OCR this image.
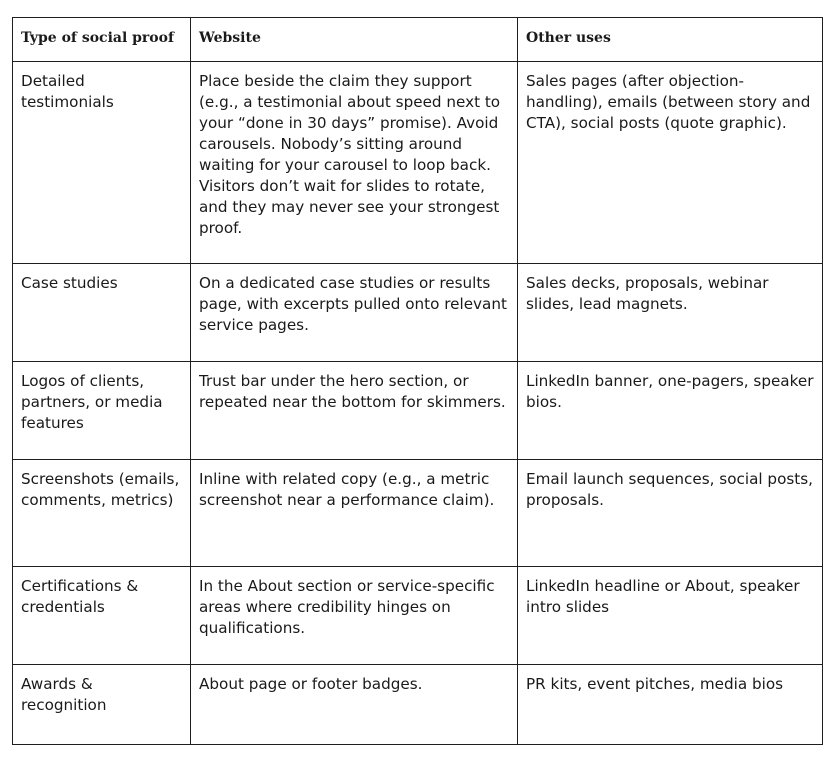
Type of social proof	Website	Other uses
Detailed testimonials	Place beside the claim they support (e.g., a testimonial about speed next to your “done in 30 days” promise). Avoid carousels. Nobody’s sitting around waiting for your carousel to loop back. Visitors don’t wait for slides to rotate, and they may never see your strongest proof.	Sales pages (after objection-handling), emails (between story and CTA), social posts (quote graphic).
Case studies	On a dedicated case studies or results page, with excerpts pulled onto relevant service pages.	Sales decks, proposals, webinar slides, lead magnets.
Logos of clients, partners, or media features	Trust bar under the hero section, or repeated near the bottom for skimmers.	LinkedIn banner, one-pagers, speaker bios.
Screenshots (emails, comments, metrics)	Inline with related copy (e.g., a metric screenshot near a performance claim).	Email launch sequences, social posts, proposals.
Certifications & credentials	In the About section or service-specific areas where credibility hinges on qualifications.	LinkedIn headline or About, speaker intro slides
Awards & recognition	About page or footer badges.	PR kits, event pitches, media bios
